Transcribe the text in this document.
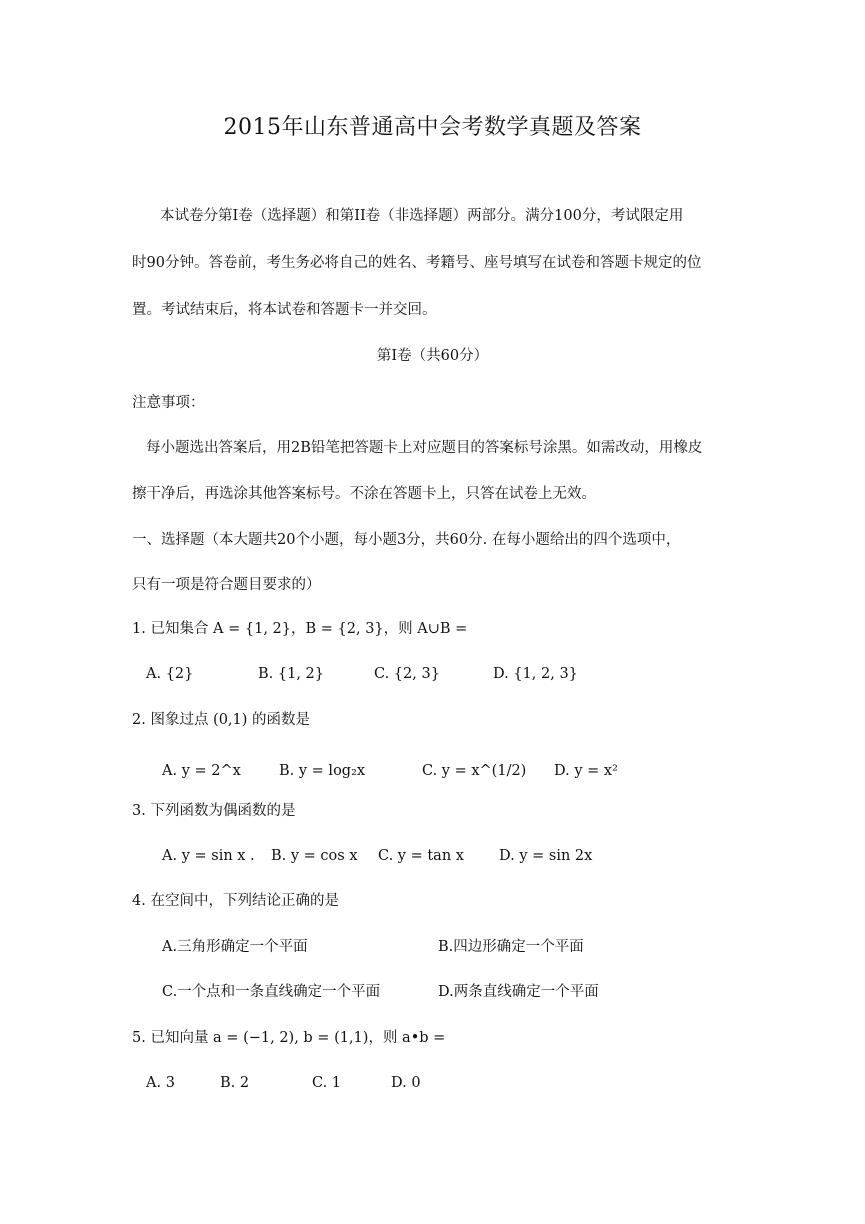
2015年山东普通高中会考数学真题及答案
本试卷分第Ⅰ卷（选择题）和第II卷（非选择题）两部分。满分100分，考试限定用
时90分钟。答卷前，考生务必将自己的姓名、考籍号、座号填写在试卷和答题卡规定的位
置。考试结束后，将本试卷和答题卡一并交回。
第Ⅰ卷（共60分）
注意事项：
每小题选出答案后，用2B铅笔把答题卡上对应题目的答案标号涂黑。如需改动，用橡皮
擦干净后，再选涂其他答案标号。不涂在答题卡上，只答在试卷上无效。
一、选择题（本大题共20个小题，每小题3分，共60分. 在每小题给出的四个选项中，
只有一项是符合题目要求的）
1. 已知集合 A = {1, 2}，B = {2, 3}，则 A∪B =
A. {2}	B. {1, 2}	C. {2, 3}	D. {1, 2, 3}
2. 图象过点 (0,1) 的函数是
A. y = 2^x	B. y = log₂x	C. y = x^(1/2) D. y = x²
3. 下列函数为偶函数的是
A. y = sin x . B. y = cos x C. y = tan x D. y = sin 2x
4. 在空间中，下列结论正确的是
A.三角形确定一个平面	B.四边形确定一个平面
C.一个点和一条直线确定一个平面	D.两条直线确定一个平面
5. 已知向量 a = (−1, 2), b = (1,1)，则 a•b =
A. 3	B. 2	C. 1	D. 0
